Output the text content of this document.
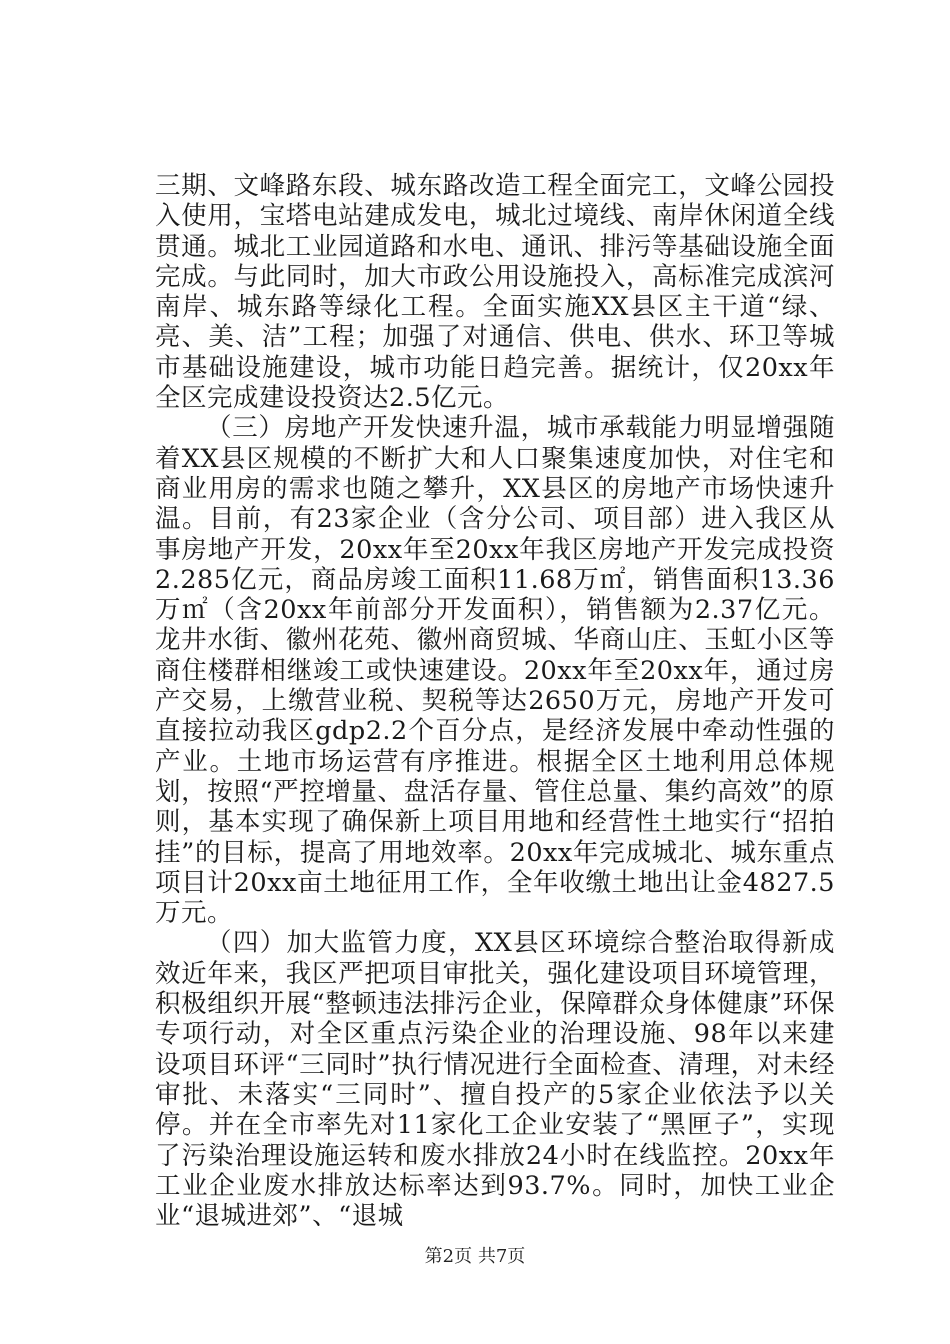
三期、文峰路东段、城东路改造工程全面完工，文峰公园投入使用，宝塔电站建成发电，城北过境线、南岸休闲道全线贯通。城北工业园道路和水电、通讯、排污等基础设施全面完成。与此同时，加大市政公用设施投入，高标准完成滨河南岸、城东路等绿化工程。全面实施XX县区主干道“绿、亮、美、洁”工程；加强了对通信、供电、供水、环卫等城市基础设施建设，城市功能日趋完善。据统计，仅20xx年全区完成建设投资达2.5亿元。

（三）房地产开发快速升温，城市承载能力明显增强随着XX县区规模的不断扩大和人口聚集速度加快，对住宅和商业用房的需求也随之攀升，XX县区的房地产市场快速升温。目前，有23家企业（含分公司、项目部）进入我区从事房地产开发，20xx年至20xx年我区房地产开发完成投资2.285亿元，商品房竣工面积11.68万㎡，销售面积13.36万㎡（含20xx年前部分开发面积），销售额为2.37亿元。龙井水街、徽州花苑、徽州商贸城、华商山庄、玉虹小区等商住楼群相继竣工或快速建设。20xx年至20xx年，通过房产交易，上缴营业税、契税等达2650万元，房地产开发可直接拉动我区gdp2.2个百分点，是经济发展中牵动性强的产业。土地市场运营有序推进。根据全区土地利用总体规划，按照“严控增量、盘活存量、管住总量、集约高效”的原则，基本实现了确保新上项目用地和经营性土地实行“招拍挂”的目标，提高了用地效率。20xx年完成城北、城东重点项目计20xx亩土地征用工作，全年收缴土地出让金4827.5万元。

（四）加大监管力度，XX县区环境综合整治取得新成效近年来，我区严把项目审批关，强化建设项目环境管理，积极组织开展“整顿违法排污企业，保障群众身体健康”环保专项行动，对全区重点污染企业的治理设施、98年以来建设项目环评“三同时”执行情况进行全面检查、清理，对未经审批、未落实“三同时”、擅自投产的5家企业依法予以关停。并在全市率先对11家化工企业安装了“黑匣子”，实现了污染治理设施运转和废水排放24小时在线监控。20xx年工业企业废水排放达标率达到93.7%。同时，加快工业企业“退城进郊”、“退城

第2页 共7页
